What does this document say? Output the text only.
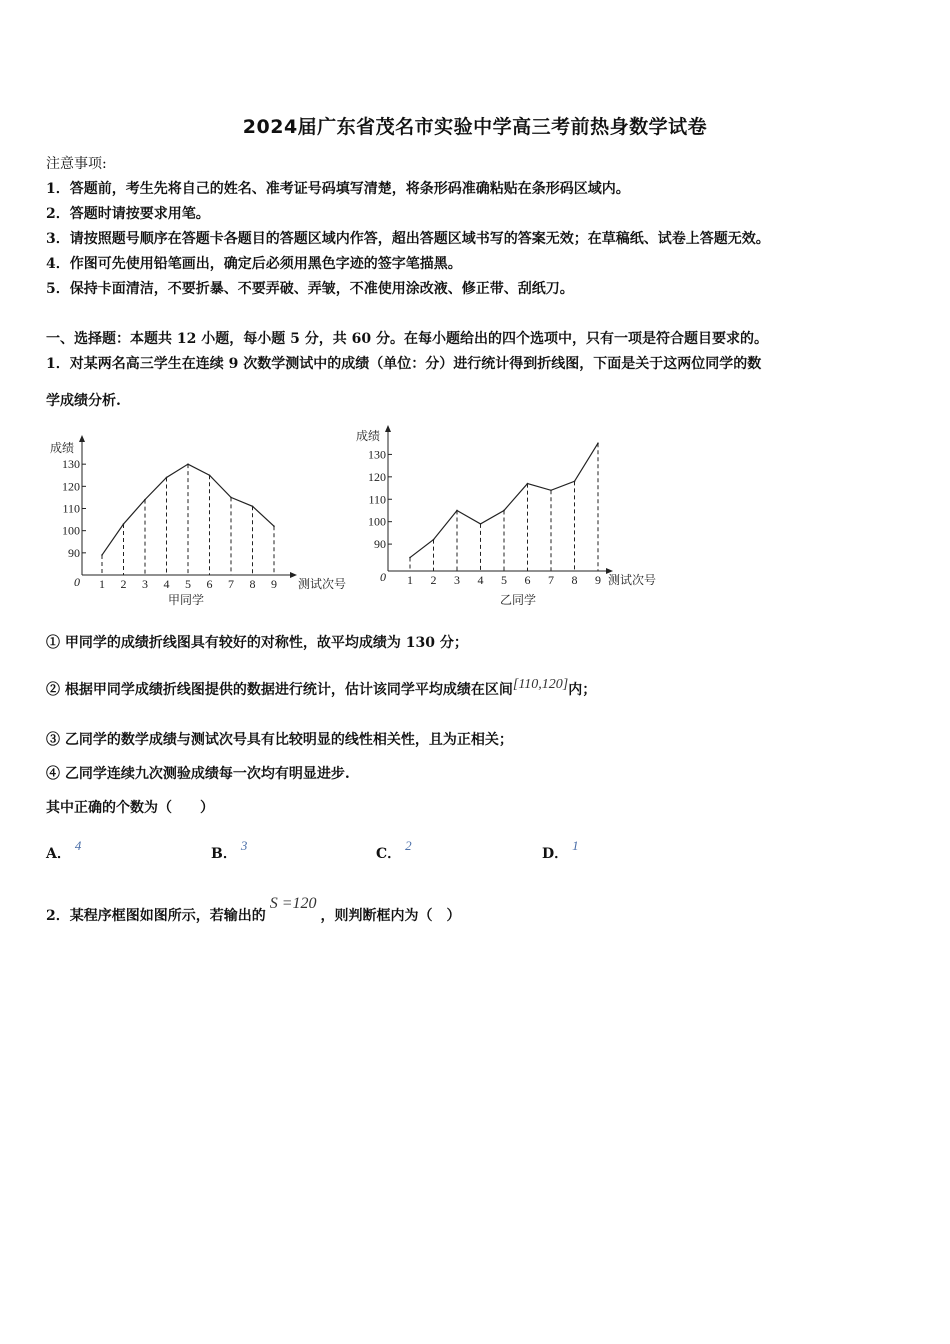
2024届广东省茂名市实验中学高三考前热身数学试卷
注意事项:
1．答题前，考生先将自己的姓名、准考证号码填写清楚，将条形码准确粘贴在条形码区域内。
2．答题时请按要求用笔。
3．请按照题号顺序在答题卡各题目的答题区域内作答，超出答题区域书写的答案无效；在草稿纸、试卷上答题无效。
4．作图可先使用铅笔画出，确定后必须用黑色字迹的签字笔描黑。
5．保持卡面清洁，不要折暴、不要弄破、弄皱，不准使用涂改液、修正带、刮纸刀。
一、选择题：本题共 12 小题，每小题 5 分，共 60 分。在每小题给出的四个选项中，只有一项是符合题目要求的。
1．对某两名高三学生在连续 9 次数学测试中的成绩（单位：分）进行统计得到折线图，下面是关于这两位同学的数
学成绩分析.
90
100
110
120
130
1 2 3 4 5 6 7 8 9
成绩
0	测试次号
甲同学
90
100
110
120
130
1 2 3 4 5 6 7 8 9
成绩
0	测试次号
乙同学
① 甲同学的成绩折线图具有较好的对称性，故平均成绩为 130 分；
② 根据甲同学成绩折线图提供的数据进行统计，估计该同学平均成绩在区间[110,120]内；
③ 乙同学的数学成绩与测试次号具有比较明显的线性相关性，且为正相关；
④ 乙同学连续九次测验成绩每一次均有明显进步.
其中正确的个数为（　　）
A．4
B．3
C．2
D．1
2．某程序框图如图所示，若输出的S =120，则判断框内为（　）
